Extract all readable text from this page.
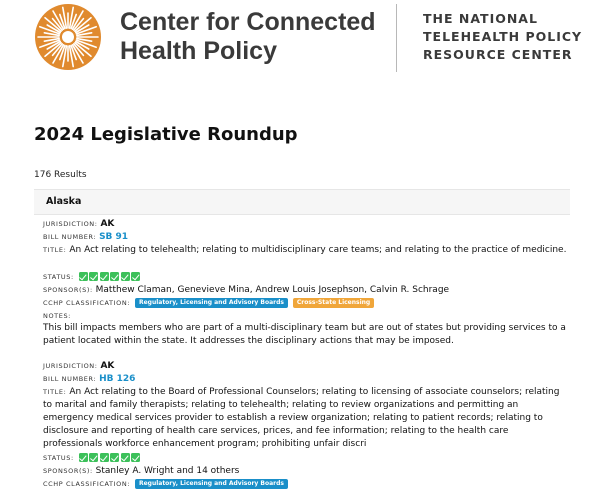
Center for Connected
Health Policy
THE NATIONAL
TELEHEALTH POLICY
RESOURCE CENTER
2024 Legislative Roundup
176 Results
Alaska
JURISDICTION: AK
BILL NUMBER: SB 91
TITLE: An Act relating to telehealth; relating to multidisciplinary care teams; and relating to the practice of medicine.
STATUS:
SPONSOR(S): Matthew Claman, Genevieve Mina, Andrew Louis Josephson, Calvin R. Schrage
CCHP CLASSIFICATION: Regulatory, Licensing and Advisory Boards Cross-State Licensing
NOTES:
This bill impacts members who are part of a multi-disciplinary team but are out of states but providing services to a patient located within the state. It addresses the disciplinary actions that may be imposed.
JURISDICTION: AK
BILL NUMBER: HB 126
TITLE: An Act relating to the Board of Professional Counselors; relating to licensing of associate counselors; relating to marital and family therapists; relating to telehealth; relating to review organizations and permitting an emergency medical services provider to establish a review organization; relating to patient records; relating to disclosure and reporting of health care services, prices, and fee information; relating to the health care professionals workforce enhancement program; prohibiting unfair discri
STATUS:
SPONSOR(S): Stanley A. Wright and 14 others
CCHP CLASSIFICATION: Regulatory, Licensing and Advisory Boards
